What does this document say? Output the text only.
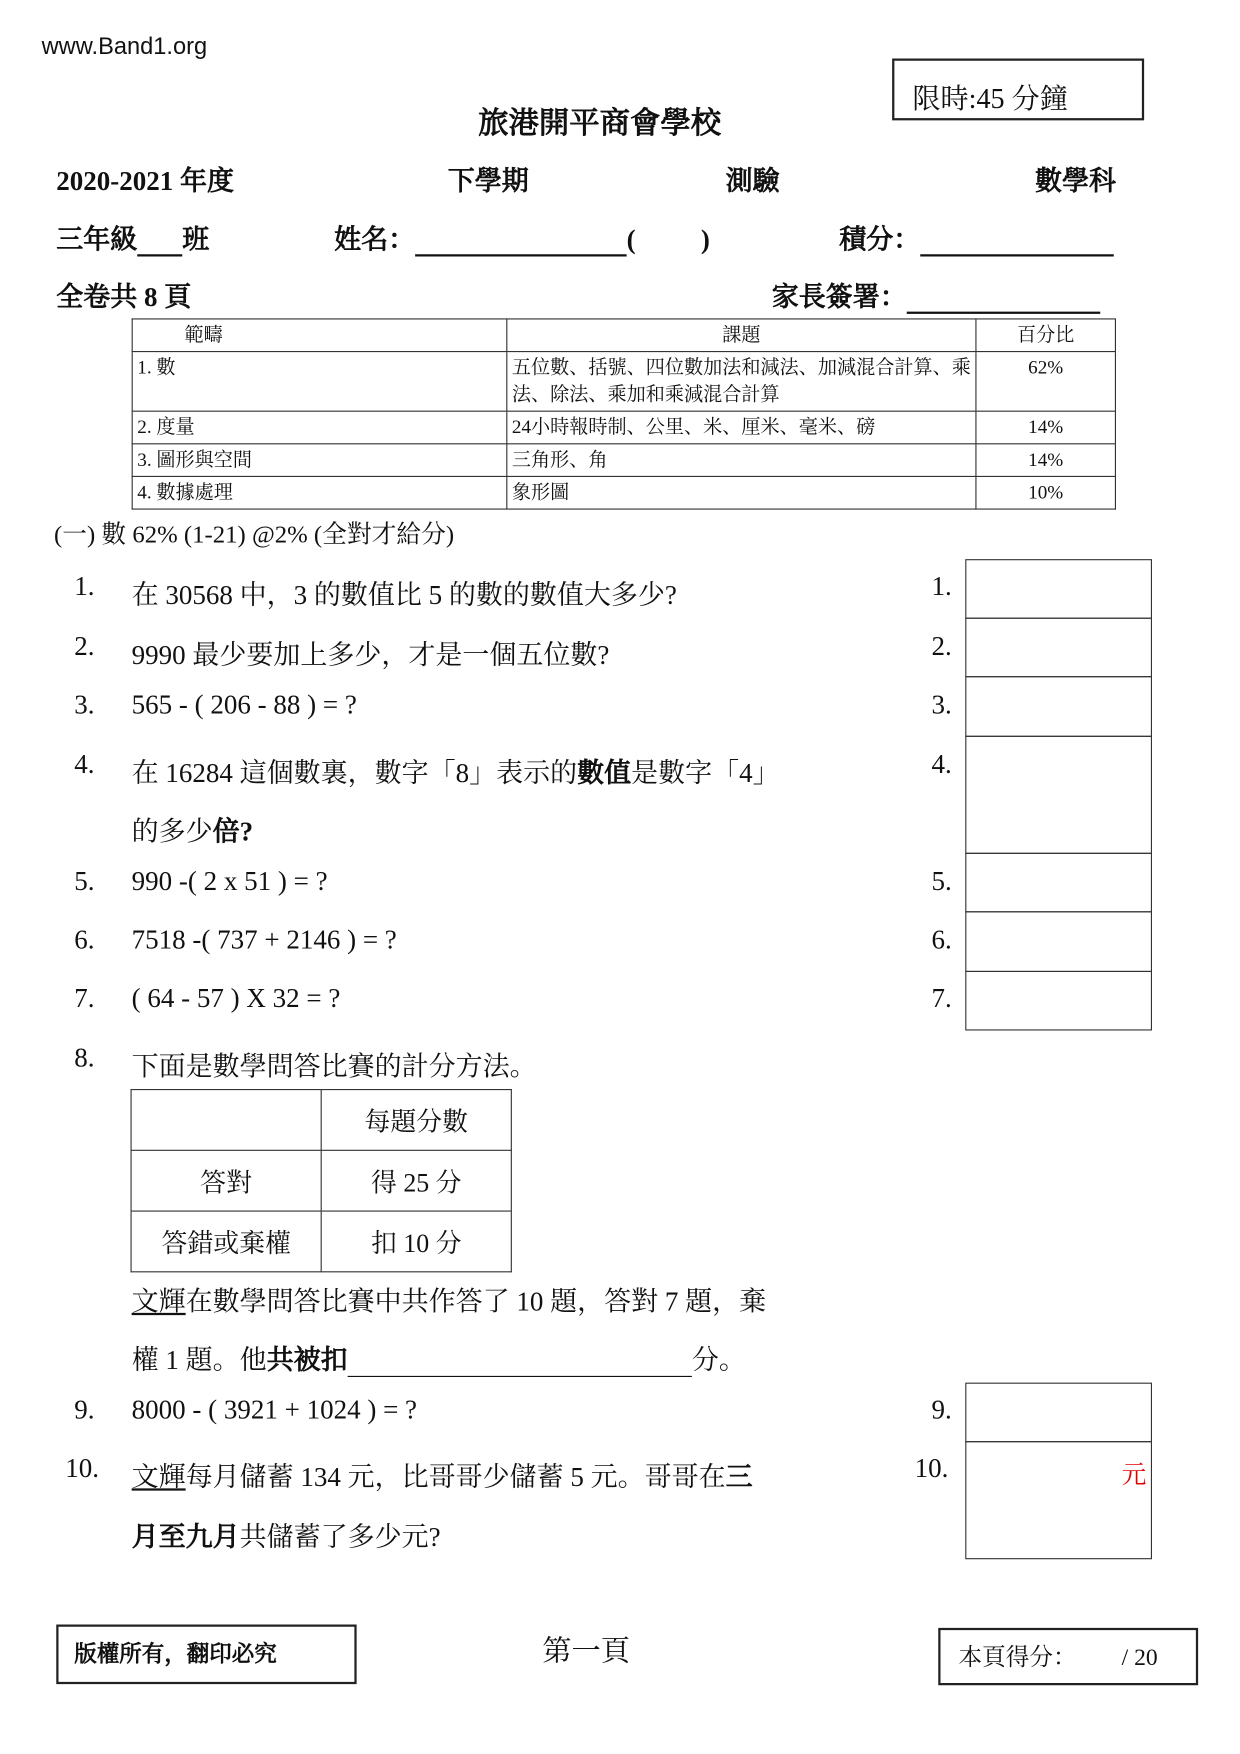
www.Band1.org
限時:45 分鐘
旅港開平商會學校
2020-2021 年度	下學期	測驗	數學科
三年級 班	姓名：	(	)	積分：
全卷共 8 頁	家長簽署：
範疇	課題	百分比
1. 數	五位數、括號、四位數加法和減法、加減混合計算、乘法、除法、乘加和乘減混合計算	62%
2. 度量	24小時報時制、公里、米、厘米、毫米、磅	14%
3. 圖形與空間	三角形、角	14%
4. 數據處理	象形圖	10%
(一) 數 62% (1-21) @2% (全對才給分)
1. 在 30568 中，3 的數值比 5 的數的數值大多少?
2. 9990 最少要加上多少，才是一個五位數?
3. 565 - ( 206 - 88 ) = ?
4. 在 16284 這個數裏，數字「8」表示的數值是數字「4」
的多少倍?
5. 990 -( 2 x 51 ) = ?
6. 7518 -( 737 + 2146 ) = ?
7. ( 64 - 57 ) X 32 = ?
8. 下面是數學問答比賽的計分方法。
	每題分數
答對	得 25 分
答錯或棄權	扣 10 分
文輝在數學問答比賽中共作答了 10 題，答對 7 題，棄
權 1 題。他共被扣	分。
9. 8000 - ( 3921 + 1024 ) = ?
10. 文輝每月儲蓄 134 元，比哥哥少儲蓄 5 元。哥哥在三
月至九月共儲蓄了多少元?
1.
2.
3.
4.
5.
6.
7.
9.
10.	元
版權所有，翻印必究	第一頁	本頁得分： / 20
